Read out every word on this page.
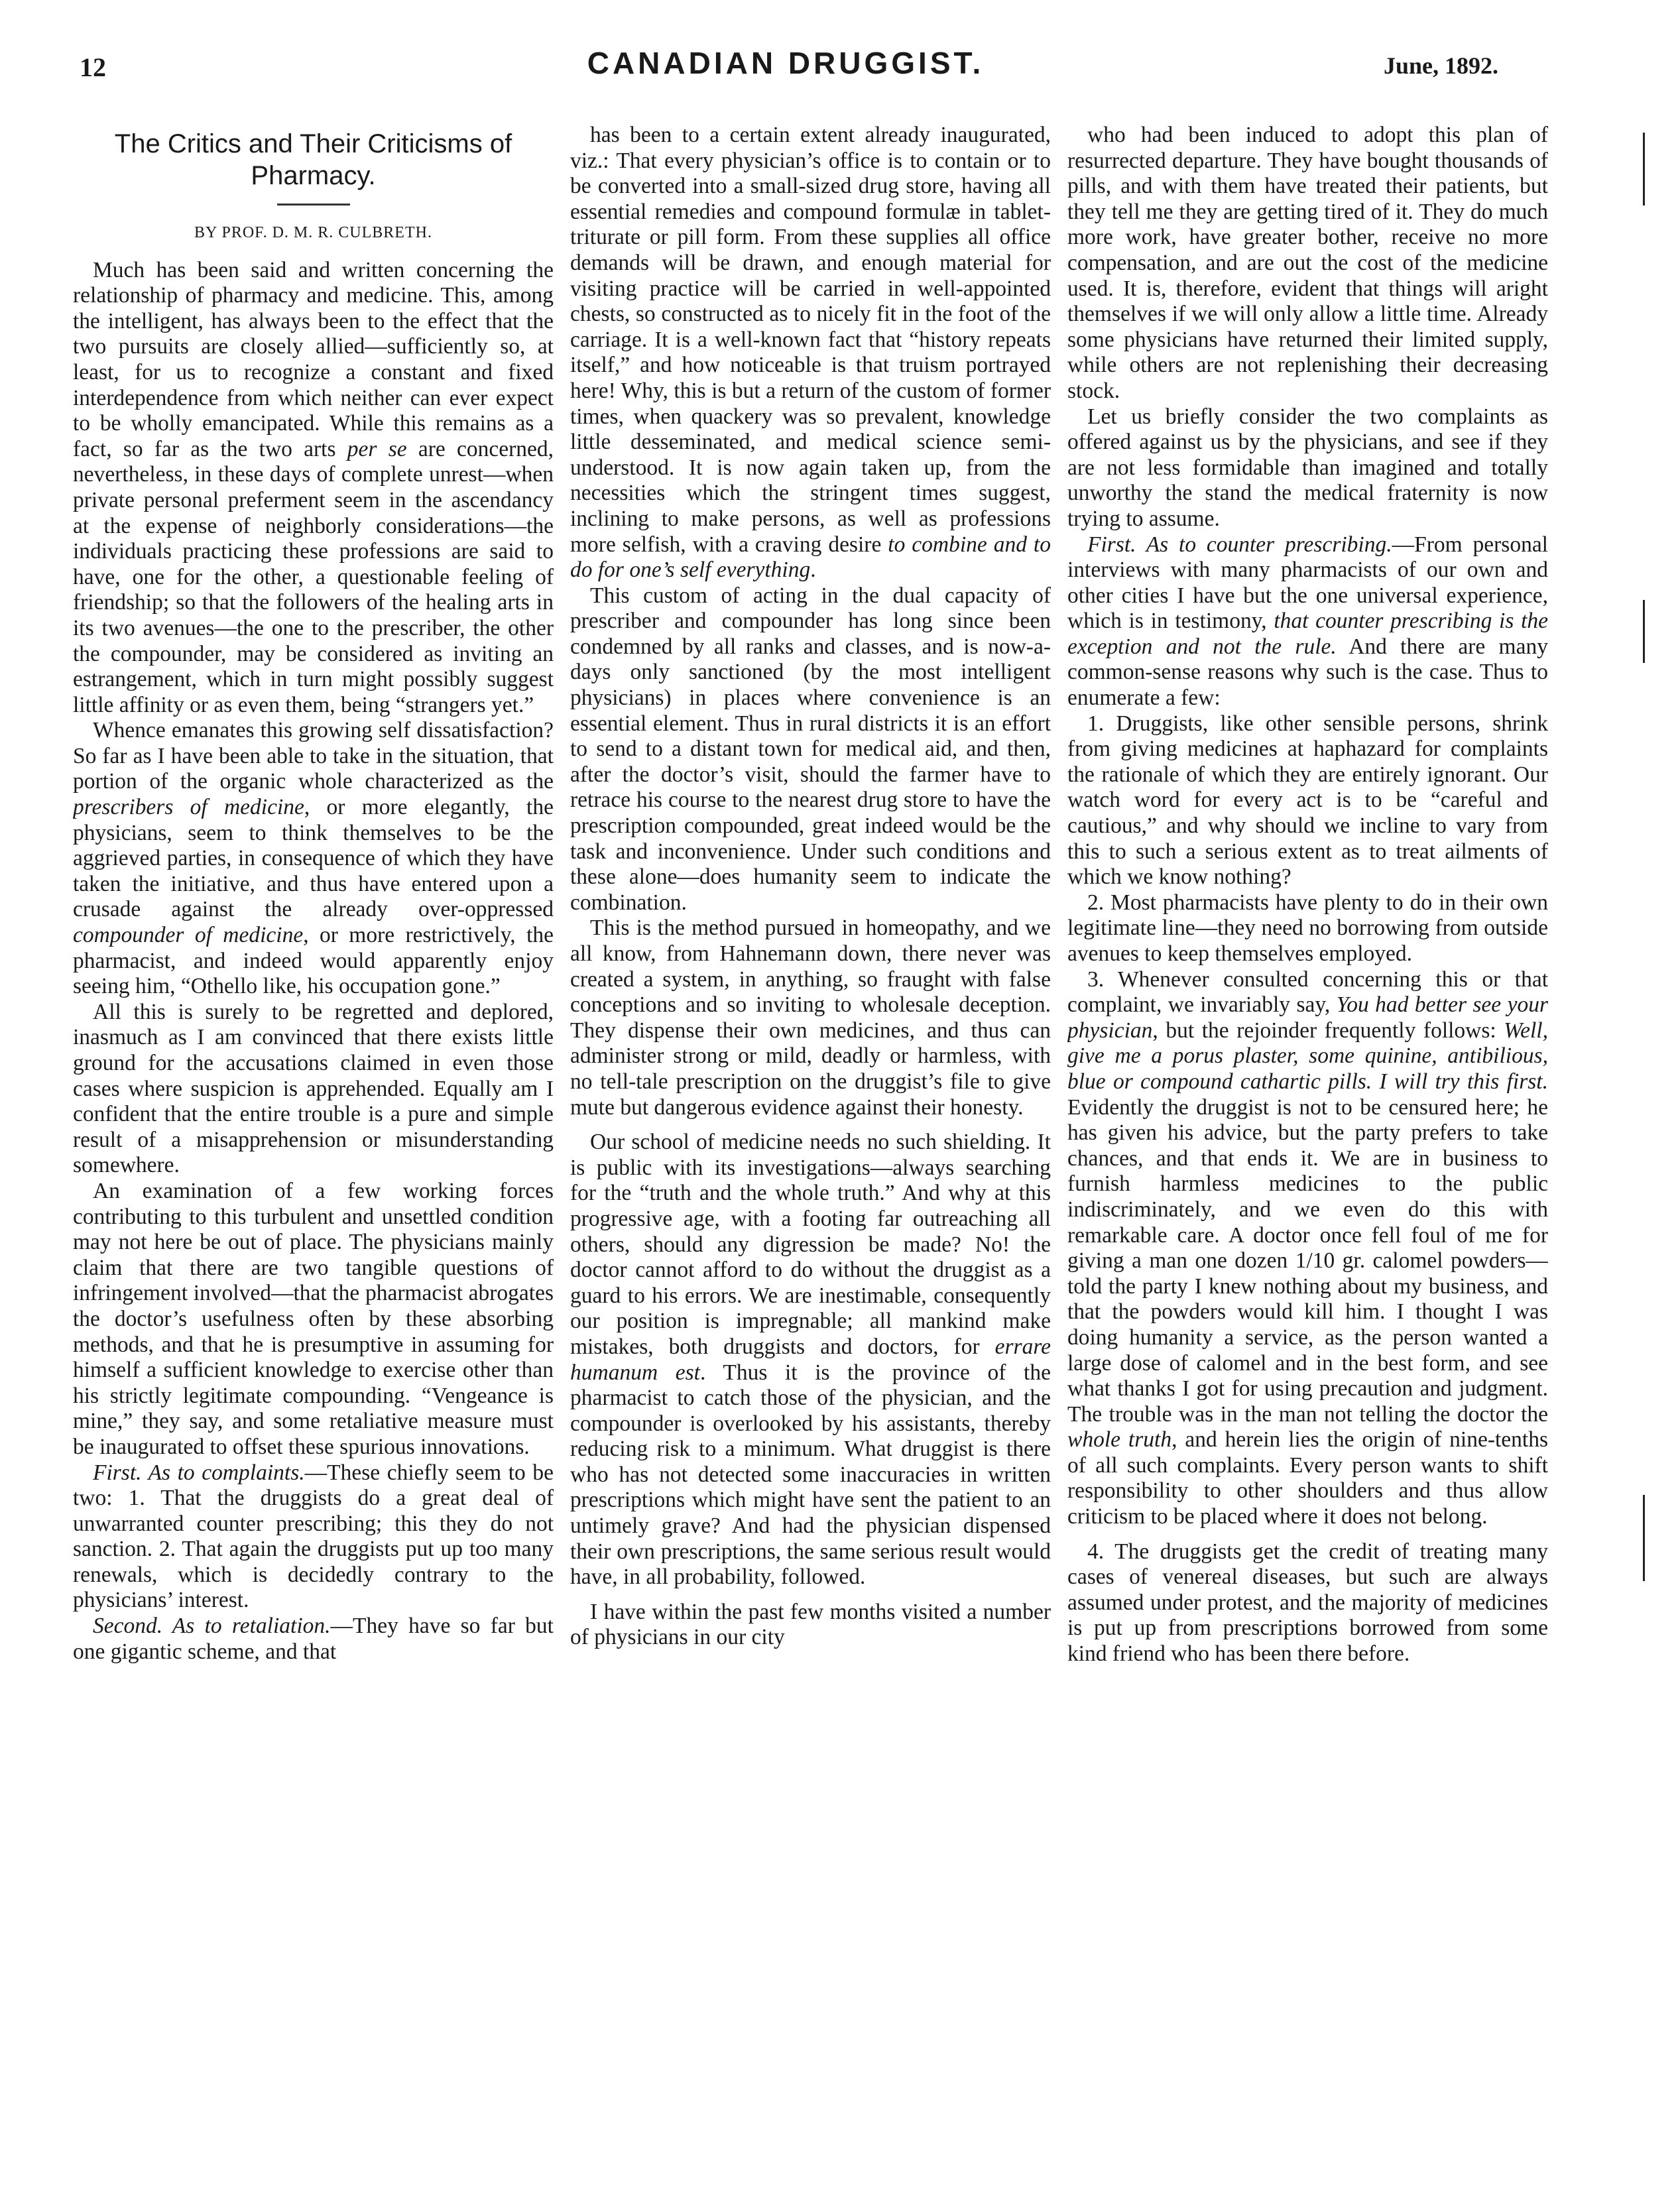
12	CANADIAN DRUGGIST.	June, 1892.
The Critics and Their Criticisms of Pharmacy.
BY PROF. D. M. R. CULBRETH.

Much has been said and written concerning the relationship of pharmacy and medicine. This, among the intelligent, has always been to the effect that the two pursuits are closely allied—sufficiently so, at least, for us to recognize a constant and fixed interdependence from which neither can ever expect to be wholly emancipated. While this remains as a fact, so far as the two arts per se are concerned, nevertheless, in these days of complete unrest—when private personal preferment seem in the ascendancy at the expense of neighborly considerations—the individuals practicing these professions are said to have, one for the other, a questionable feeling of friendship; so that the followers of the healing arts in its two avenues—the one to the prescriber, the other the compounder, may be considered as inviting an estrangement, which in turn might possibly suggest little affinity or as even them, being “strangers yet.”

Whence emanates this growing self dissatisfaction? So far as I have been able to take in the situation, that portion of the organic whole characterized as the prescribers of medicine, or more elegantly, the physicians, seem to think themselves to be the aggrieved parties, in consequence of which they have taken the initiative, and thus have entered upon a crusade against the already over-oppressed compounder of medicine, or more restrictively, the pharmacist, and indeed would apparently enjoy seeing him, “Othello like, his occupation gone.”

All this is surely to be regretted and deplored, inasmuch as I am convinced that there exists little ground for the accusations claimed in even those cases where suspicion is apprehended. Equally am I confident that the entire trouble is a pure and simple result of a misapprehension or misunderstanding somewhere.

An examination of a few working forces contributing to this turbulent and unsettled condition may not here be out of place. The physicians mainly claim that there are two tangible questions of infringement involved—that the pharmacist abrogates the doctor’s usefulness often by these absorbing methods, and that he is presumptive in assuming for himself a sufficient knowledge to exercise other than his strictly legitimate compounding. “Vengeance is mine,” they say, and some retaliative measure must be inaugurated to offset these spurious innovations.

First. As to complaints.—These chiefly seem to be two: 1. That the druggists do a great deal of unwarranted counter prescribing; this they do not sanction. 2. That again the druggists put up too many renewals, which is decidedly contrary to the physicians’ interest.

Second. As to retaliation.—They have so far but one gigantic scheme, and that

has been to a certain extent already inaugurated, viz.: That every physician’s office is to contain or to be converted into a small-sized drug store, having all essential remedies and compound formulæ in tablet-triturate or pill form. From these supplies all office demands will be drawn, and enough material for visiting practice will be carried in well-appointed chests, so constructed as to nicely fit in the foot of the carriage. It is a well-known fact that “history repeats itself,” and how noticeable is that truism portrayed here! Why, this is but a return of the custom of former times, when quackery was so prevalent, knowledge little desseminated, and medical science semi-understood. It is now again taken up, from the necessities which the stringent times suggest, inclining to make persons, as well as professions more selfish, with a craving desire to combine and to do for one’s self everything.

This custom of acting in the dual capacity of prescriber and compounder has long since been condemned by all ranks and classes, and is now-a-days only sanctioned (by the most intelligent physicians) in places where convenience is an essential element. Thus in rural districts it is an effort to send to a distant town for medical aid, and then, after the doctor’s visit, should the farmer have to retrace his course to the nearest drug store to have the prescription compounded, great indeed would be the task and inconvenience. Under such conditions and these alone—does humanity seem to indicate the combination.

This is the method pursued in homeopathy, and we all know, from Hahnemann down, there never was created a system, in anything, so fraught with false conceptions and so inviting to wholesale deception. They dispense their own medicines, and thus can administer strong or mild, deadly or harmless, with no tell-tale prescription on the druggist’s file to give mute but dangerous evidence against their honesty.

Our school of medicine needs no such shielding. It is public with its investigations—always searching for the “truth and the whole truth.” And why at this progressive age, with a footing far outreaching all others, should any digression be made? No! the doctor cannot afford to do without the druggist as a guard to his errors. We are inestimable, consequently our position is impregnable; all mankind make mistakes, both druggists and doctors, for errare humanum est. Thus it is the province of the pharmacist to catch those of the physician, and the compounder is overlooked by his assistants, thereby reducing risk to a minimum. What druggist is there who has not detected some inaccuracies in written prescriptions which might have sent the patient to an untimely grave? And had the physician dispensed their own prescriptions, the same serious result would have, in all probability, followed.

I have within the past few months visited a number of physicians in our city

who had been induced to adopt this plan of resurrected departure. They have bought thousands of pills, and with them have treated their patients, but they tell me they are getting tired of it. They do much more work, have greater bother, receive no more compensation, and are out the cost of the medicine used. It is, therefore, evident that things will aright themselves if we will only allow a little time. Already some physicians have returned their limited supply, while others are not replenishing their decreasing stock.

Let us briefly consider the two complaints as offered against us by the physicians, and see if they are not less formidable than imagined and totally unworthy the stand the medical fraternity is now trying to assume.

First. As to counter prescribing.—From personal interviews with many pharmacists of our own and other cities I have but the one universal experience, which is in testimony, that counter prescribing is the exception and not the rule. And there are many common-sense reasons why such is the case. Thus to enumerate a few:

1. Druggists, like other sensible persons, shrink from giving medicines at haphazard for complaints the rationale of which they are entirely ignorant. Our watch word for every act is to be “careful and cautious,” and why should we incline to vary from this to such a serious extent as to treat ailments of which we know nothing?

2. Most pharmacists have plenty to do in their own legitimate line—they need no borrowing from outside avenues to keep themselves employed.

3. Whenever consulted concerning this or that complaint, we invariably say, You had better see your physician, but the rejoinder frequently follows: Well, give me a porus plaster, some quinine, antibilious, blue or compound cathartic pills. I will try this first. Evidently the druggist is not to be censured here; he has given his advice, but the party prefers to take chances, and that ends it. We are in business to furnish harmless medicines to the public indiscriminately, and we even do this with remarkable care. A doctor once fell foul of me for giving a man one dozen 1/10 gr. calomel powders—told the party I knew nothing about my business, and that the powders would kill him. I thought I was doing humanity a service, as the person wanted a large dose of calomel and in the best form, and see what thanks I got for using precaution and judgment. The trouble was in the man not telling the doctor the whole truth, and herein lies the origin of nine-tenths of all such complaints. Every person wants to shift responsibility to other shoulders and thus allow criticism to be placed where it does not belong.

4. The druggists get the credit of treating many cases of venereal diseases, but such are always assumed under protest, and the majority of medicines is put up from prescriptions borrowed from some kind friend who has been there before.
